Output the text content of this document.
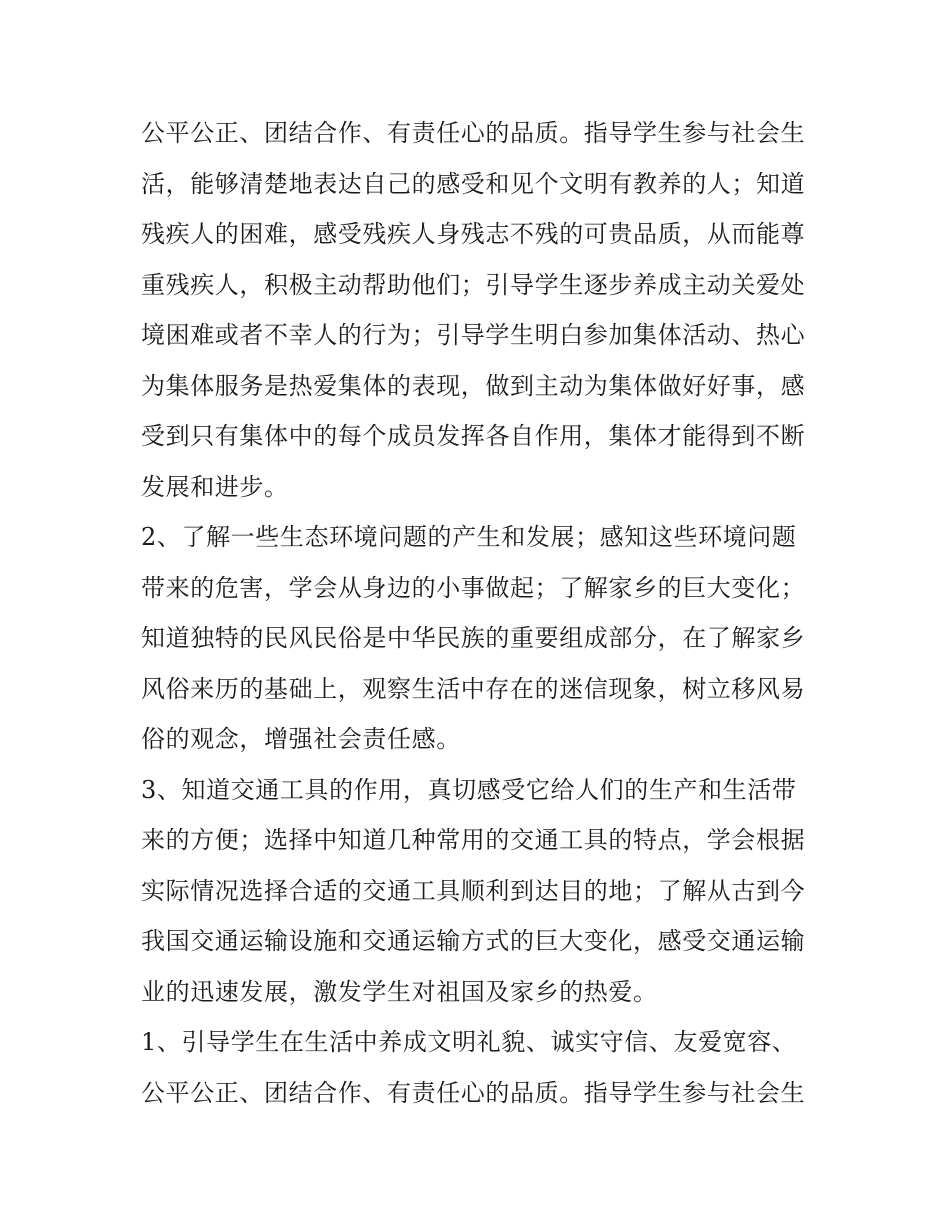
公平公正、团结合作、有责任心的品质。指导学生参与社会生

活，能够清楚地表达自己的感受和见个文明有教养的人；知道

残疾人的困难，感受残疾人身残志不残的可贵品质，从而能尊

重残疾人，积极主动帮助他们；引导学生逐步养成主动关爱处

境困难或者不幸人的行为；引导学生明白参加集体活动、热心

为集体服务是热爱集体的表现，做到主动为集体做好好事，感

受到只有集体中的每个成员发挥各自作用，集体才能得到不断

发展和进步。

2、了解一些生态环境问题的产生和发展；感知这些环境问题

带来的危害，学会从身边的小事做起；了解家乡的巨大变化；

知道独特的民风民俗是中华民族的重要组成部分，在了解家乡

风俗来历的基础上，观察生活中存在的迷信现象，树立移风易

俗的观念，增强社会责任感。

3、知道交通工具的作用，真切感受它给人们的生产和生活带

来的方便；选择中知道几种常用的交通工具的特点，学会根据

实际情况选择合适的交通工具顺利到达目的地；了解从古到今

我国交通运输设施和交通运输方式的巨大变化，感受交通运输

业的迅速发展，激发学生对祖国及家乡的热爱。

1、引导学生在生活中养成文明礼貌、诚实守信、友爱宽容、

公平公正、团结合作、有责任心的品质。指导学生参与社会生
